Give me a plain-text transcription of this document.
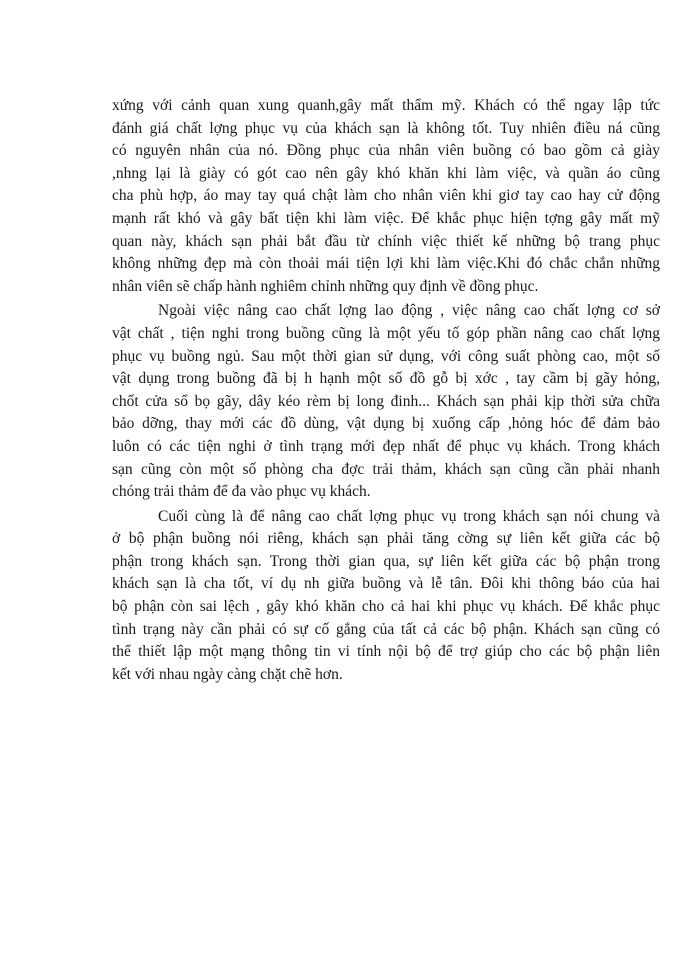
xứng với cảnh quan xung quanh,gây mất thẩm mỹ. Khách có thể ngay lập tức
đánh giá chất lợng phục vụ của khách sạn là không tốt. Tuy nhiên điều ná cũng
có nguyên nhân của nó. Đồng phục của nhân viên buồng có bao gồm cả giày
,nhng lại là giày có gót cao nên gây khó khăn khi làm việc, và quần áo cũng
cha phù hợp, áo may tay quá chật làm cho nhân viên khi giơ tay cao hay cử động
mạnh rất khó và gây bất tiện khi làm việc. Để khắc phục hiện tợng gây mất mỹ
quan này, khách sạn phải bắt đầu từ chính việc thiết kế những bộ trang phục
không những đẹp mà còn thoải mái tiện lợi khi làm việc.Khi đó chắc chắn những
nhân viên sẽ chấp hành nghiêm chỉnh những quy định về đồng phục.

Ngoài việc nâng cao chất lợng lao động , việc nâng cao chất lợng cơ sở
vật chất , tiện nghi trong buồng cũng là một yếu tố góp phần nâng cao chất lợng
phục vụ buồng ngủ. Sau một thời gian sử dụng, với công suất phòng cao, một số
vật dụng trong buồng đã bị h hạnh một số đồ gỗ bị xớc , tay cầm bị gãy hỏng,
chốt cửa sổ bọ gãy, dây kéo rèm bị long đinh... Khách sạn phải kịp thời sửa chữa
bảo dỡng, thay mới các đồ dùng, vật dụng bị xuống cấp ,hỏng hóc để đảm bảo
luôn có các tiện nghi ở tình trạng mới đẹp nhất để phục vụ khách. Trong khách
sạn cũng còn một số phòng cha đợc trải thảm, khách sạn cũng cần phải nhanh
chóng trải thảm để đa vào phục vụ khách.

Cuối cùng là để nâng cao chất lợng phục vụ trong khách sạn nói chung và
ở bộ phận buồng nói riêng, khách sạn phải tăng cờng sự liên kết giữa các bộ
phận trong khách sạn. Trong thời gian qua, sự liên kết giữa các bộ phận trong
khách sạn là cha tốt, ví dụ nh giữa buồng và lễ tân. Đôi khi thông báo của hai
bộ phận còn sai lệch , gây khó khăn cho cả hai khi phục vụ khách. Để khắc phục
tình trạng này cần phải có sự cố gắng của tất cả các bộ phận. Khách sạn cũng có
thể thiết lập một mạng thông tin vi tính nội bộ để trợ giúp cho các bộ phận liên
kết với nhau ngày càng chặt chẽ hơn.
